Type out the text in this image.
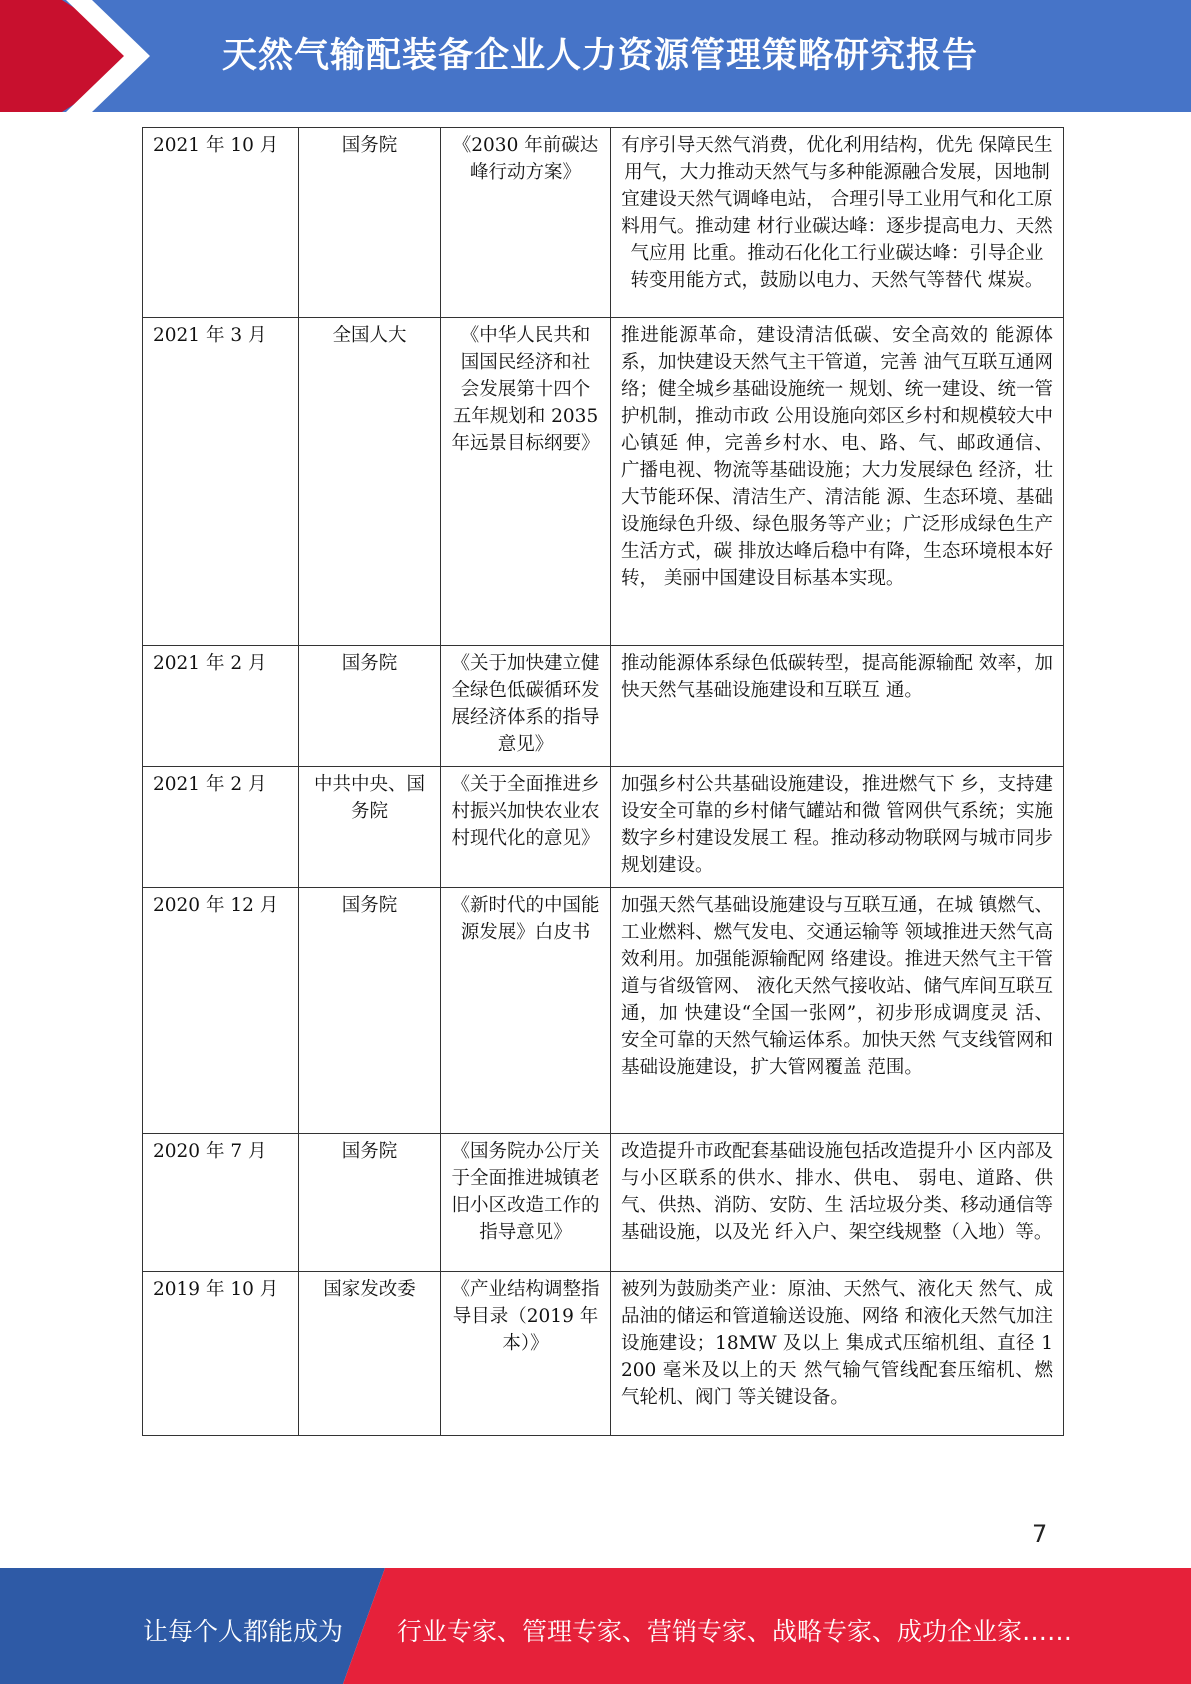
天然气输配装备企业人力资源管理策略研究报告
2021 年 10 月	国务院	《2030 年前碳达峰行动方案》	有序引导天然气消费，优化利用结构，优先 保障民生用气，大力推动天然气与多种能源融合发展，因地制宜建设天然气调峰电站， 合理引导工业用气和化工原料用气。推动建 材行业碳达峰：逐步提高电力、天然气应用 比重。推动石化化工行业碳达峰：引导企业 转变用能方式，鼓励以电力、天然气等替代 煤炭。
2021 年 3 月	全国人大	《中华人民共和 国国民经济和社 会发展第十四个 五年规划和 2035 年远景目标纲要》	推进能源革命，建设清洁低碳、安全高效的 能源体系，加快建设天然气主干管道，完善 油气互联互通网络；健全城乡基础设施统一 规划、统一建设、统一管护机制，推动市政 公用设施向郊区乡村和规模较大中心镇延 伸，完善乡村水、电、路、气、邮政通信、 广播电视、物流等基础设施；大力发展绿色 经济，壮大节能环保、清洁生产、清洁能 源、生态环境、基础设施绿色升级、绿色服务等产业；广泛形成绿色生产生活方式，碳 排放达峰后稳中有降，生态环境根本好转， 美丽中国建设目标基本实现。
2021 年 2 月	国务院	《关于加快建立健全绿色低碳循环发展经济体系的指导意见》	推动能源体系绿色低碳转型，提高能源输配 效率，加快天然气基础设施建设和互联互 通。
2021 年 2 月	中共中央、国务院	《关于全面推进乡村振兴加快农业农村现代化的意见》	加强乡村公共基础设施建设，推进燃气下 乡，支持建设安全可靠的乡村储气罐站和微 管网供气系统；实施数字乡村建设发展工 程。推动移动物联网与城市同步规划建设。
2020 年 12 月	国务院	《新时代的中国能源发展》白皮书	加强天然气基础设施建设与互联互通，在城 镇燃气、工业燃料、燃气发电、交通运输等 领域推进天然气高效利用。加强能源输配网 络建设。推进天然气主干管道与省级管网、 液化天然气接收站、储气库间互联互通，加 快建设“全国一张网”，初步形成调度灵 活、安全可靠的天然气输运体系。加快天然 气支线管网和基础设施建设，扩大管网覆盖 范围。
2020 年 7 月	国务院	《国务院办公厅关于全面推进城镇老旧小区改造工作的指导意见》	改造提升市政配套基础设施包括改造提升小 区内部及与小区联系的供水、排水、供电、 弱电、道路、供气、供热、消防、安防、生 活垃圾分类、移动通信等基础设施，以及光 纤入户、架空线规整（入地）等。
2019 年 10 月	国家发改委	《产业结构调整指导目录（2019 年本）》	被列为鼓励类产业：原油、天然气、液化天 然气、成品油的储运和管道输送设施、网络 和液化天然气加注设施建设；18MW 及以上 集成式压缩机组、直径 1200 毫米及以上的天 然气输气管线配套压缩机、燃气轮机、阀门 等关键设备。
7
让每个人都能成为 行业专家、管理专家、营销专家、战略专家、成功企业家……
